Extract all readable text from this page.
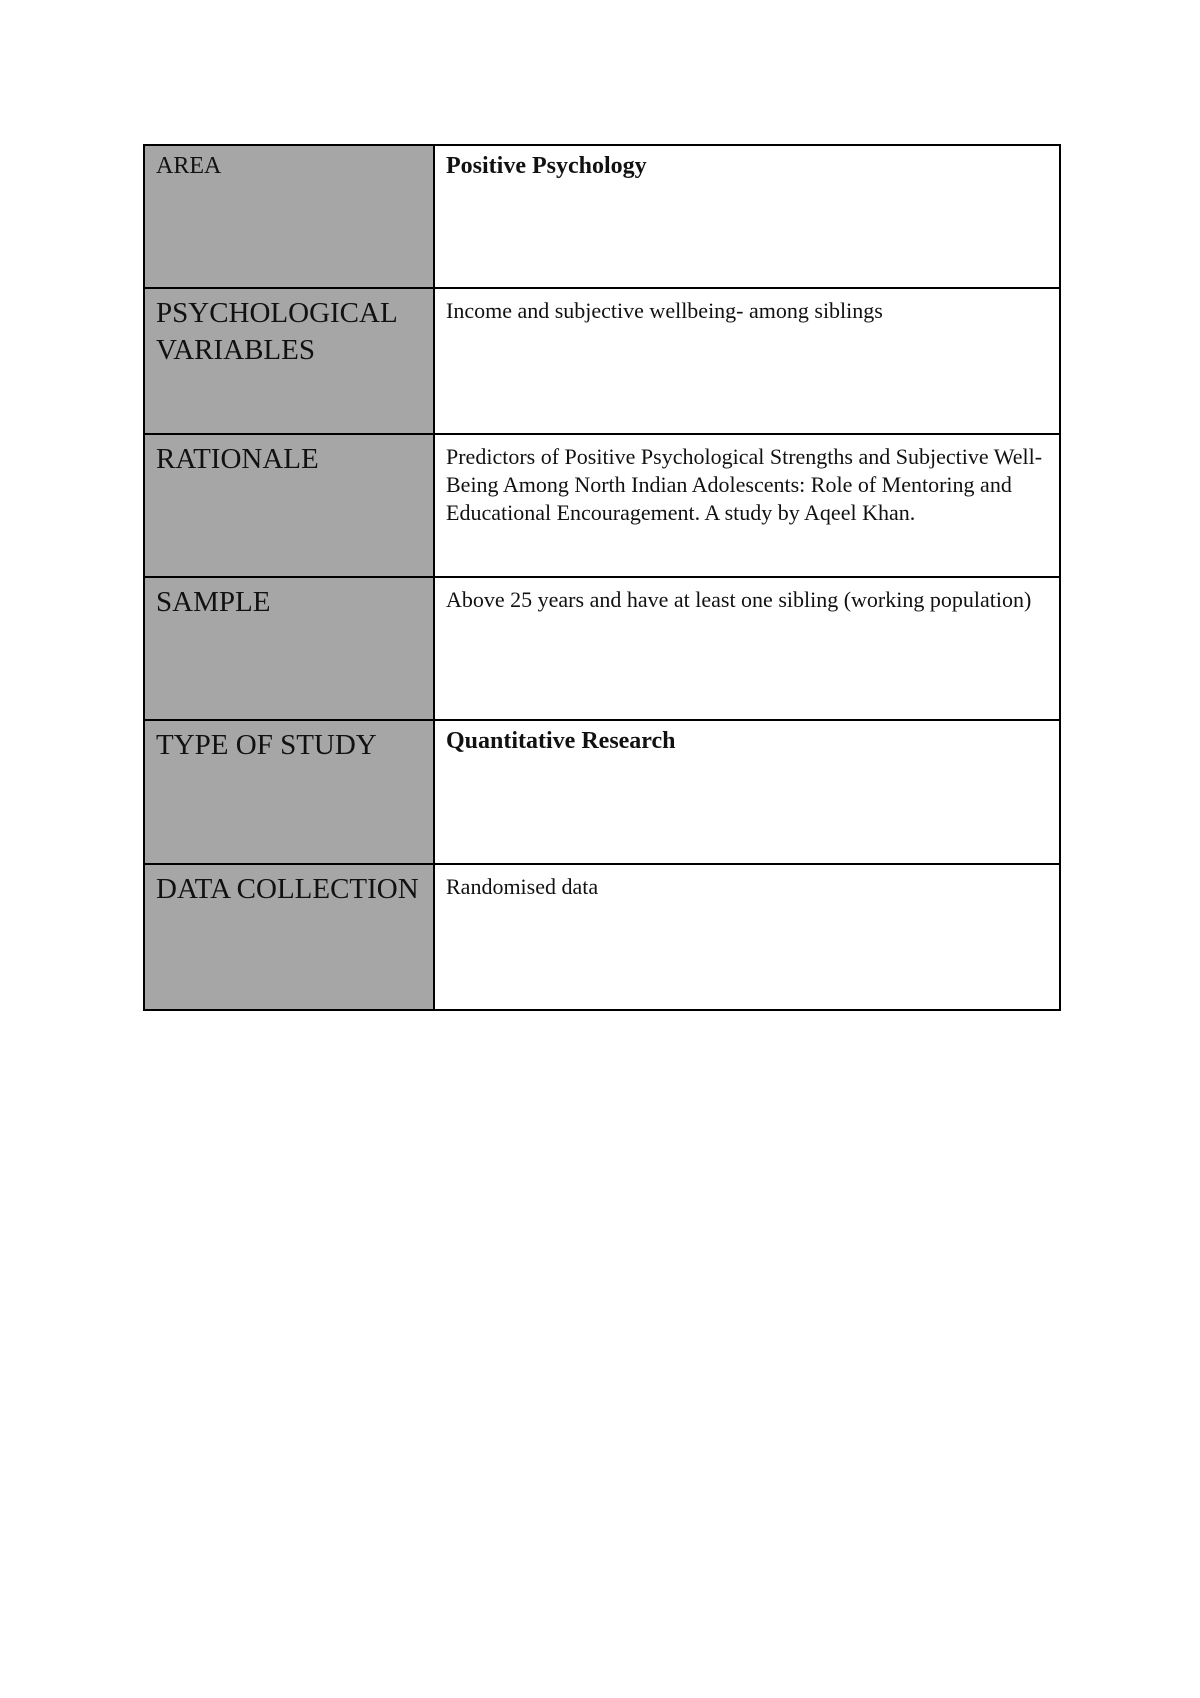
AREA	Positive Psychology

PSYCHOLOGICAL VARIABLES	Income and subjective wellbeing- among siblings

RATIONALE	Predictors of Positive Psychological Strengths and Subjective Well-Being Among North Indian Adolescents: Role of Mentoring and Educational Encouragement. A study by Aqeel Khan.

SAMPLE	Above 25 years and have at least one sibling (working population)

TYPE OF STUDY	Quantitative Research

DATA COLLECTION	Randomised data
